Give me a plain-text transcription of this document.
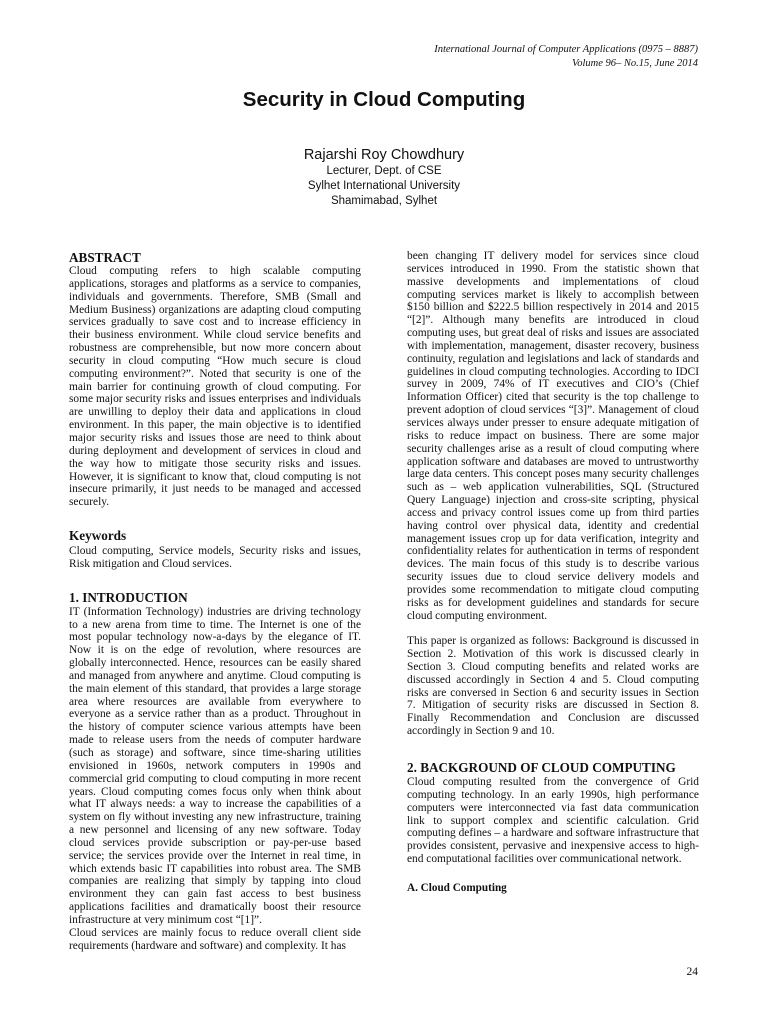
International Journal of Computer Applications (0975 – 8887)
Volume 96– No.15, June 2014
Security in Cloud Computing
Rajarshi Roy Chowdhury
Lecturer, Dept. of CSE
Sylhet International University
Shamimabad, Sylhet
ABSTRACT

Cloud computing refers to high scalable computing applications, storages and platforms as a service to companies, individuals and governments. Therefore, SMB (Small and Medium Business) organizations are adapting cloud computing services gradually to save cost and to increase efficiency in their business environment. While cloud service benefits and robustness are comprehensible, but now more concern about security in cloud computing “How much secure is cloud computing environment?”. Noted that security is one of the main barrier for continuing growth of cloud computing. For some major security risks and issues enterprises and individuals are unwilling to deploy their data and applications in cloud environment. In this paper, the main objective is to identified major security risks and issues those are need to think about during deployment and development of services in cloud and the way how to mitigate those security risks and issues. However, it is significant to know that, cloud computing is not insecure primarily, it just needs to be managed and accessed securely.

Keywords

Cloud computing, Service models, Security risks and issues, Risk mitigation and Cloud services.

1. INTRODUCTION

IT (Information Technology) industries are driving technology to a new arena from time to time. The Internet is one of the most popular technology now-a-days by the elegance of IT. Now it is on the edge of revolution, where resources are globally interconnected. Hence, resources can be easily shared and managed from anywhere and anytime. Cloud computing is the main element of this standard, that provides a large storage area where resources are available from everywhere to everyone as a service rather than as a product. Throughout in the history of computer science various attempts have been made to release users from the needs of computer hardware (such as storage) and software, since time-sharing utilities envisioned in 1960s, network computers in 1990s and commercial grid computing to cloud computing in more recent years. Cloud computing comes focus only when think about what IT always needs: a way to increase the capabilities of a system on fly without investing any new infrastructure, training a new personnel and licensing of any new software. Today cloud services provide subscription or pay-per-use based service; the services provide over the Internet in real time, in which extends basic IT capabilities into robust area. The SMB companies are realizing that simply by tapping into cloud environment they can gain fast access to best business applications facilities and dramatically boost their resource infrastructure at very minimum cost “[1]”.

Cloud services are mainly focus to reduce overall client side requirements (hardware and software) and complexity. It has

been changing IT delivery model for services since cloud services introduced in 1990. From the statistic shown that massive developments and implementations of cloud computing services market is likely to accomplish between $150 billion and $222.5 billion respectively in 2014 and 2015 “[2]”. Although many benefits are introduced in cloud computing uses, but great deal of risks and issues are associated with implementation, management, disaster recovery, business continuity, regulation and legislations and lack of standards and guidelines in cloud computing technologies. According to IDCI survey in 2009, 74% of IT executives and CIO’s (Chief Information Officer) cited that security is the top challenge to prevent adoption of cloud services “[3]”. Management of cloud services always under presser to ensure adequate mitigation of risks to reduce impact on business. There are some major security challenges arise as a result of cloud computing where application software and databases are moved to untrustworthy large data centers. This concept poses many security challenges such as – web application vulnerabilities, SQL (Structured Query Language) injection and cross-site scripting, physical access and privacy control issues come up from third parties having control over physical data, identity and credential management issues crop up for data verification, integrity and confidentiality relates for authentication in terms of respondent devices. The main focus of this study is to describe various security issues due to cloud service delivery models and provides some recommendation to mitigate cloud computing risks as for development guidelines and standards for secure cloud computing environment.

This paper is organized as follows: Background is discussed in Section 2. Motivation of this work is discussed clearly in Section 3. Cloud computing benefits and related works are discussed accordingly in Section 4 and 5. Cloud computing risks are conversed in Section 6 and security issues in Section 7. Mitigation of security risks are discussed in Section 8. Finally Recommendation and Conclusion are discussed accordingly in Section 9 and 10.

2. BACKGROUND OF CLOUD COMPUTING

Cloud computing resulted from the convergence of Grid computing technology. In an early 1990s, high performance computers were interconnected via fast data communication link to support complex and scientific calculation. Grid computing defines – a hardware and software infrastructure that provides consistent, pervasive and inexpensive access to high-end computational facilities over communicational network.

A. Cloud Computing
24
